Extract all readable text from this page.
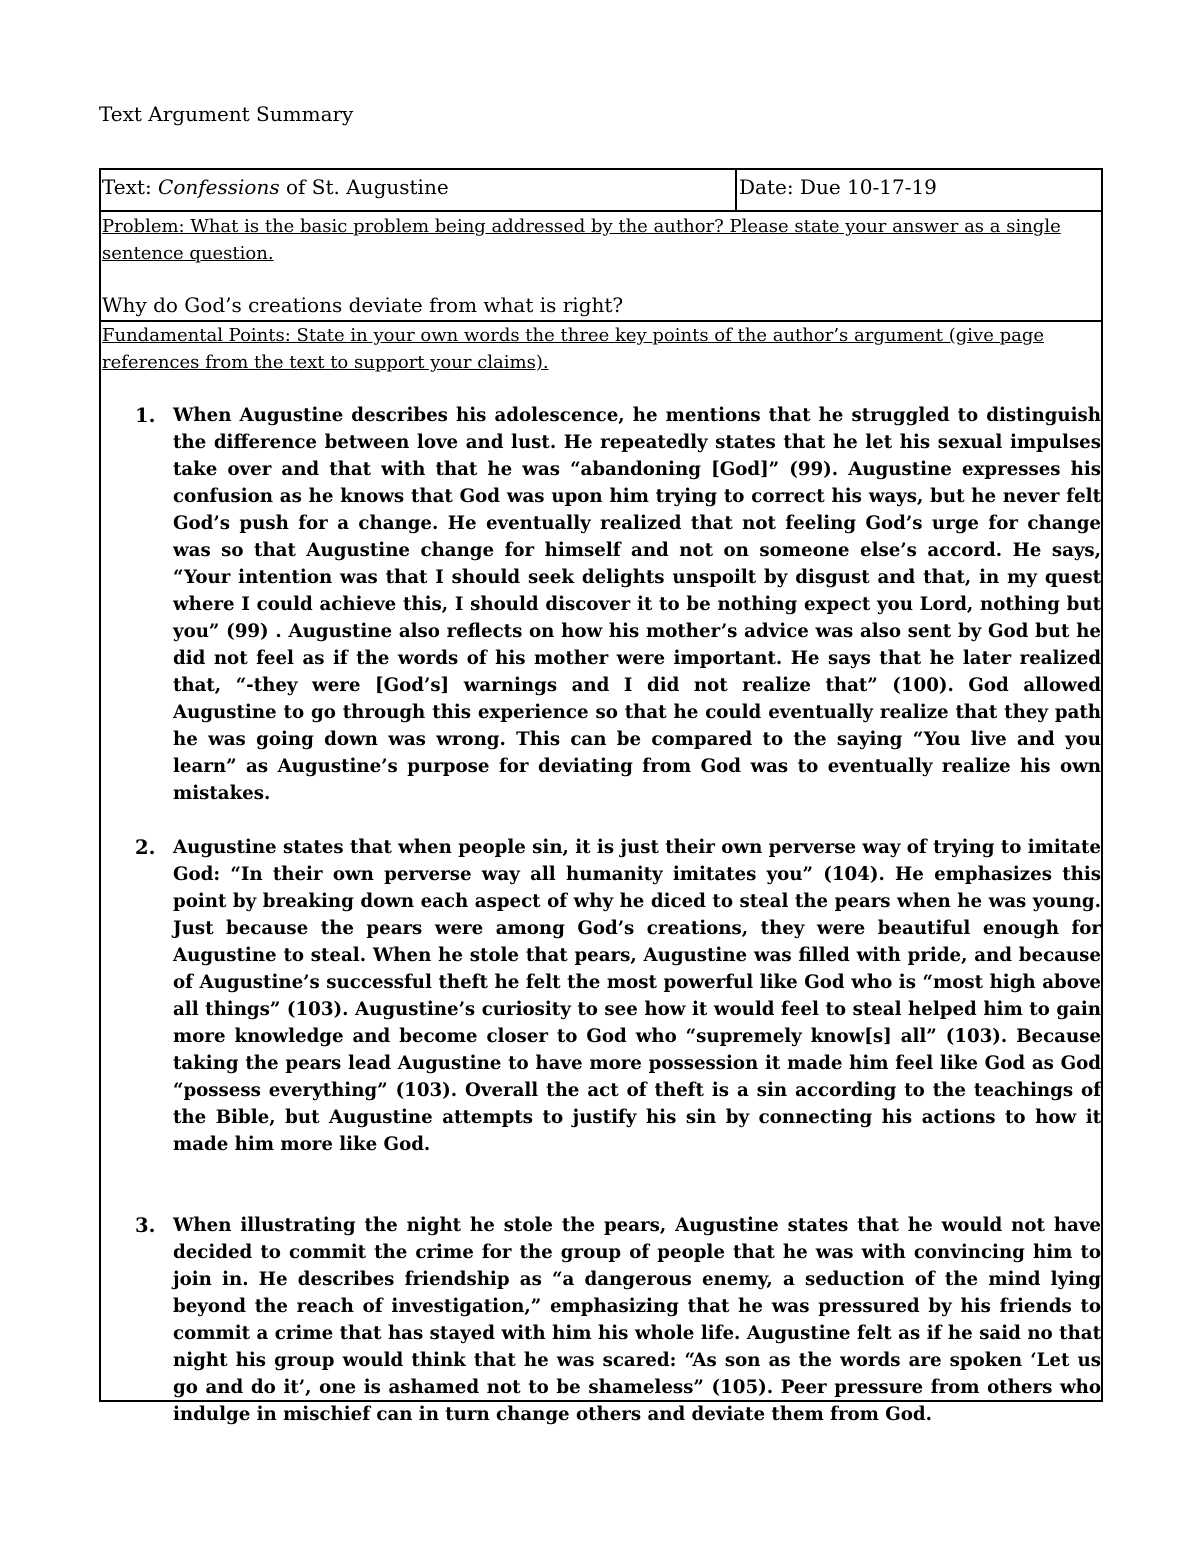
Text Argument Summary
Text: Confessions of St. Augustine	Date: Due 10-17-19
Problem: What is the basic problem being addressed by the author? Please state your answer as a single
sentence question.
Why do God’s creations deviate from what is right?
Fundamental Points: State in your own words the three key points of the author’s argument (give page
references from the text to support your claims).
1. When Augustine describes his adolescence, he mentions that he struggled to distinguish the difference between love and lust. He repeatedly states that he let his sexual impulses take over and that with that he was “abandoning [God]” (99). Augustine expresses his confusion as he knows that God was upon him trying to correct his ways, but he never felt God’s push for a change. He eventually realized that not feeling God’s urge for change was so that Augustine change for himself and not on someone else’s accord. He says, “Your intention was that I should seek delights unspoilt by disgust and that, in my quest where I could achieve this, I should discover it to be nothing expect you Lord, nothing but you” (99) . Augustine also reflects on how his mother’s advice was also sent by God but he did not feel as if the words of his mother were important. He says that he later realized that, “-they were [God’s] warnings and I did not realize that” (100). God allowed Augustine to go through this experience so that he could eventually realize that they path he was going down was wrong. This can be compared to the saying “You live and you learn” as Augustine’s purpose for deviating from God was to eventually realize his own mistakes.
2. Augustine states that when people sin, it is just their own perverse way of trying to imitate God: “In their own perverse way all humanity imitates you” (104). He emphasizes this point by breaking down each aspect of why he diced to steal the pears when he was young. Just because the pears were among God’s creations, they were beautiful enough for Augustine to steal. When he stole that pears, Augustine was filled with pride, and because of Augustine’s successful theft he felt the most powerful like God who is “most high above all things” (103). Augustine’s curiosity to see how it would feel to steal helped him to gain more knowledge and become closer to God who “supremely know[s] all” (103). Because taking the pears lead Augustine to have more possession it made him feel like God as God “possess everything” (103). Overall the act of theft is a sin according to the teachings of the Bible, but Augustine attempts to justify his sin by connecting his actions to how it made him more like God.
3. When illustrating the night he stole the pears, Augustine states that he would not have decided to commit the crime for the group of people that he was with convincing him to join in. He describes friendship as “a dangerous enemy, a seduction of the mind lying beyond the reach of investigation,” emphasizing that he was pressured by his friends to commit a crime that has stayed with him his whole life. Augustine felt as if he said no that night his group would think that he was scared: “As son as the words are spoken ‘Let us go and do it’, one is ashamed not to be shameless” (105). Peer pressure from others who indulge in mischief can in turn change others and deviate them from God.
